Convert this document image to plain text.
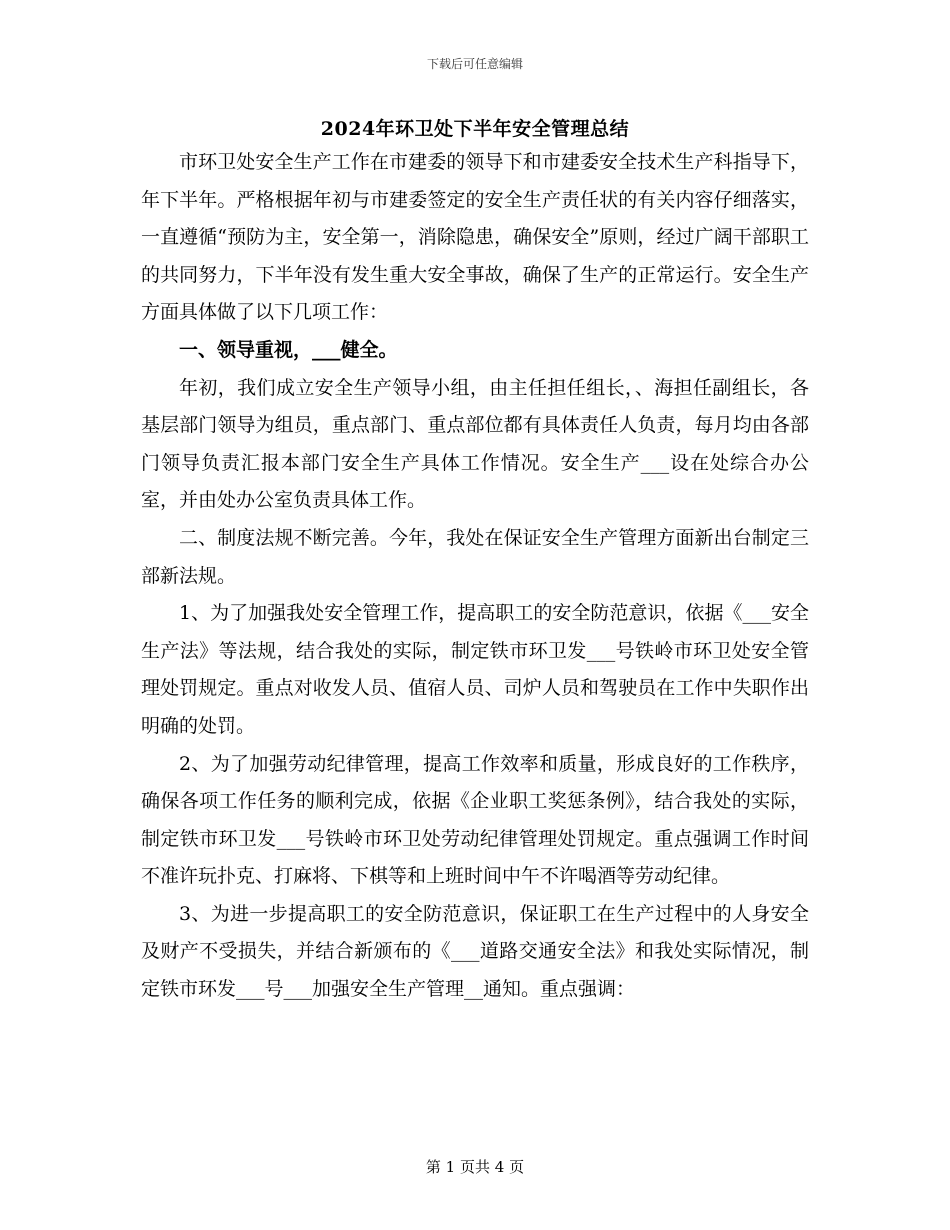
下载后可任意编辑
2024年环卫处下半年安全管理总结

市环卫处安全生产工作在市建委的领导下和市建委安全技术生产科指导下，年下半年。严格根据年初与市建委签定的安全生产责任状的有关内容仔细落实，一直遵循“预防为主，安全第一，消除隐患，确保安全”原则，经过广阔干部职工的共同努力，下半年没有发生重大安全事故，确保了生产的正常运行。安全生产方面具体做了以下几项工作：

一、领导重视，___健全。

年初，我们成立安全生产领导小组，由主任担任组长，、海担任副组长，各基层部门领导为组员，重点部门、重点部位都有具体责任人负责，每月均由各部门领导负责汇报本部门安全生产具体工作情况。安全生产___设在处综合办公室，并由处办公室负责具体工作。

二、制度法规不断完善。今年，我处在保证安全生产管理方面新出台制定三部新法规。

1、为了加强我处安全管理工作，提高职工的安全防范意识，依据《___安全生产法》等法规，结合我处的实际，制定铁市环卫发___号铁岭市环卫处安全管理处罚规定。重点对收发人员、值宿人员、司炉人员和驾驶员在工作中失职作出明确的处罚。

2、为了加强劳动纪律管理，提高工作效率和质量，形成良好的工作秩序，确保各项工作任务的顺利完成，依据《企业职工奖惩条例》，结合我处的实际，制定铁市环卫发___号铁岭市环卫处劳动纪律管理处罚规定。重点强调工作时间不准许玩扑克、打麻将、下棋等和上班时间中午不许喝酒等劳动纪律。

3、为进一步提高职工的安全防范意识，保证职工在生产过程中的人身安全及财产不受损失，并结合新颁布的《___道路交通安全法》和我处实际情况，制定铁市环发___号___加强安全生产管理__通知。重点强调：

第 1 页共 4 页
